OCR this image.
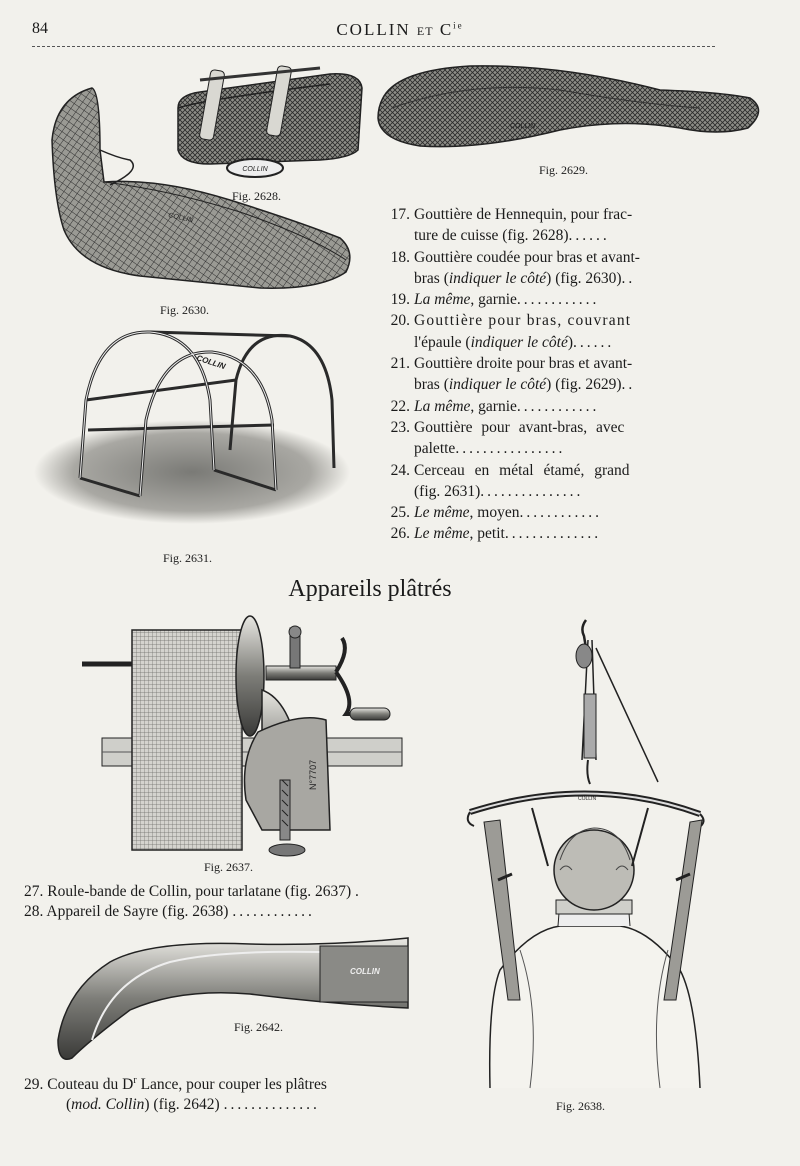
84	COLLIN ET $C^{ie}$
COLLIN
COLLIN
COLLIN
COLLIN
N°7707
COLLIN
COLLIN
Fig. 2628.
Fig. 2629.
Fig. 2630.
Fig. 2631.
Fig. 2637.
Fig. 2642.
Fig. 2638.
17. Gouttière de Hennequin, pour frac-
ture de cuisse (fig. 2628)......
18. Gouttière coudée pour bras et avant-
bras (indiquer le côté) (fig. 2630)..
19. La même, garnie............
20. Gouttière pour bras, couvrant
l'épaule (indiquer le côté)......
21. Gouttière droite pour bras et avant-
bras (indiquer le côté) (fig. 2629)..
22. La même, garnie............
23. Gouttière pour avant-bras, avec
palette................
24. Cerceau en métal étamé, grand
(fig. 2631)...............
25. Le même, moyen............
26. Le même, petit..............
Appareils plâtrés
27. Roule-bande de Collin, pour tarlatane (fig. 2637) .
28. Appareil de Sayre (fig. 2638) ............
29. Couteau du $D^r$ Lance, pour couper les plâtres
(mod. Collin) (fig. 2642) ..............
